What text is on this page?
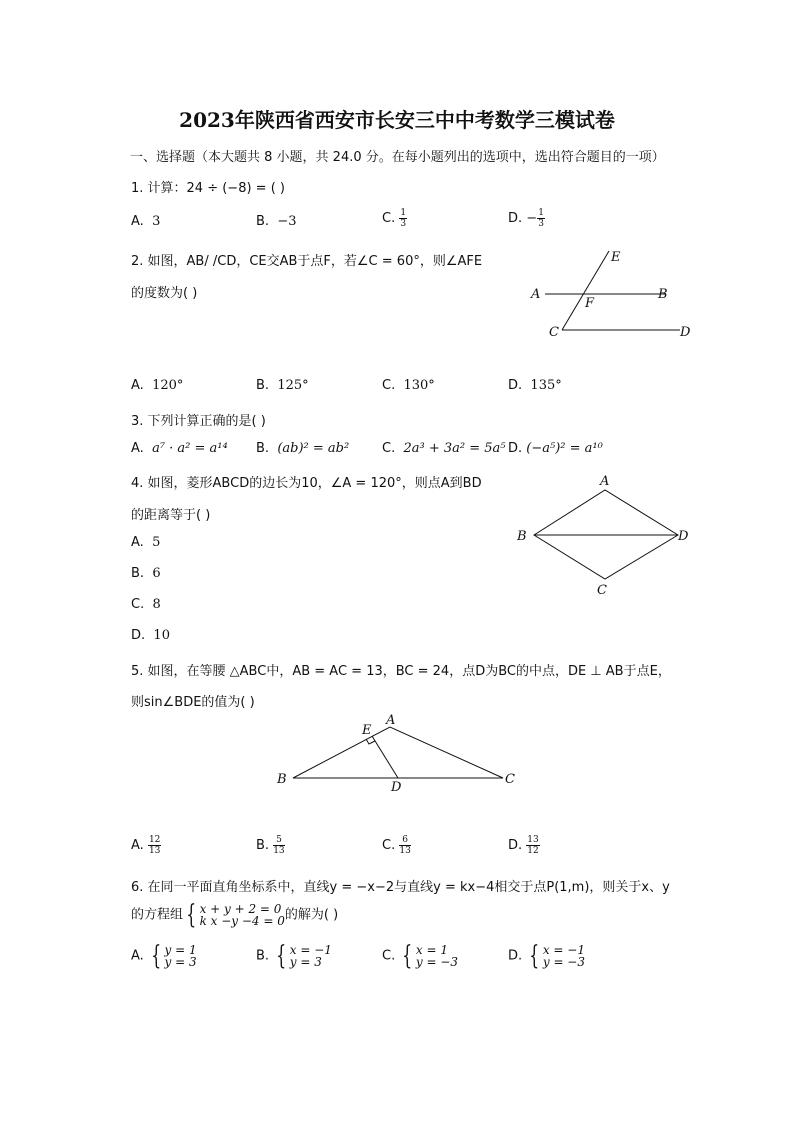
2023年陕西省西安市长安三中中考数学三模试卷
一、选择题（本大题共 8 小题，共 24.0 分。在每小题列出的选项中，选出符合题目的一项）
1. 计算：24 ÷ (−8) = ( )
A. 3	B. −3	C. $\frac{1}{3}$	D. − $\frac{1}{3}$
2. 如图，AB/ /CD，CE交AB于点F，若∠C = 60°，则∠AFE
的度数为( )	A	B
C	D
E
F
A. 120°	B. 125°	C. 130°	D. 135°
3. 下列计算正确的是( )
A. a⁷ · a² = a¹⁴ B. (ab)² = ab²	C. 2a³ + 3a² = 5a⁵ D. (−a⁵)² = a¹⁰
4. 如图，菱形ABCD的边长为10，∠A = 120°，则点A到BD
的距离等于( )
A
B
C
D
A. 5
B. 6
C. 8
D. 10
5. 如图，在等腰 △ABC中，AB = AC = 13，BC = 24，点D为BC的中点，DE ⊥ AB于点E，
则sin∠BDE的值为( )
A
B	C
D
E
A. $\frac{12}{13}$	B. $\frac{5}{13}$	C. $\frac{6}{13}$	D. $\frac{13}{12}$
6. 在同一平面直角坐标系中，直线y = −x−2与直线y = kx−4相交于点P(1,m)，则关于x、y
的方程组 { x + y + 2 = 0
k x −y −4 = 0的解为( )
A. { y = 1
y = 3	B. { x = −1
y = 3	C. { x = 1
y = −3	D. { x = −1
y = −3
